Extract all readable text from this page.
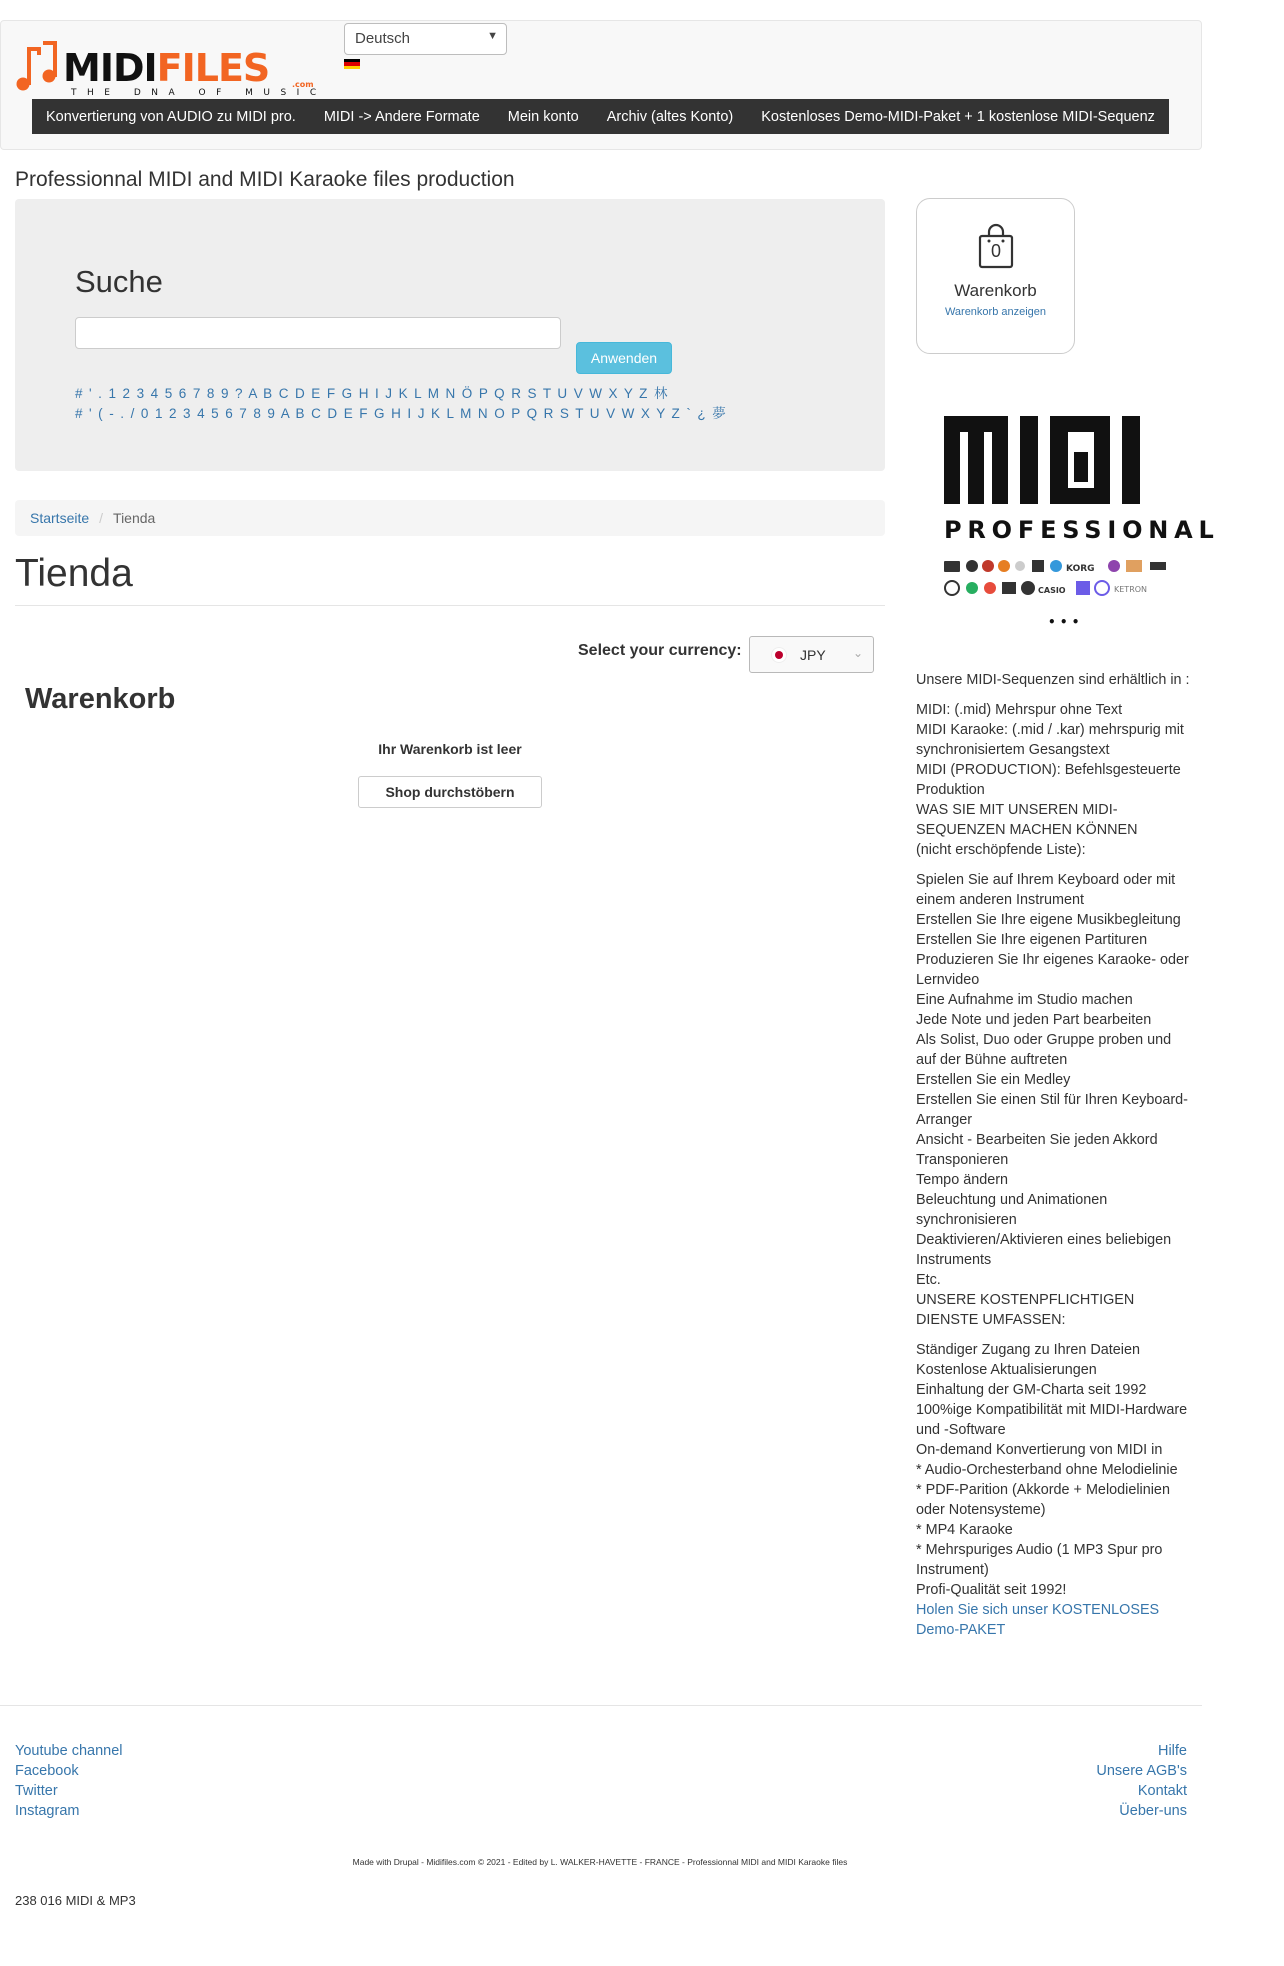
MIDIFILES	.com
THE DNA OF MUSIC
Deutsch	▼
Konvertierung von AUDIO zu MIDI pro.	MIDI -> Andere Formate	Mein konto	Archiv (altes Konto)	Kostenloses Demo-MIDI-Paket + 1 kostenlose MIDI-Sequenz
Professionnal MIDI and MIDI Karaoke files production
Suche
Anwenden
# ' . 1 2 3 4 5 6 7 8 9 ? A B C D E F G H I J K L M N Ö P Q R S T U V W X Y Z 林
# ' ( - . / 0 1 2 3 4 5 6 7 8 9 A B C D E F G H I J K L M N O P Q R S T U V W X Y Z ` ¿ 夢
Startseite / Tienda
Tienda
Select your currency:	JPY ⌄
Warenkorb
Ihr Warenkorb ist leer
Shop durchstöbern
0
Warenkorb
Warenkorb anzeigen
PROFESSIONAL
KORG
CASIO	KETRON
• • •

Unsere MIDI-Sequenzen sind erhältlich in :

MIDI: (.mid) Mehrspur ohne Text
MIDI Karaoke: (.mid / .kar) mehrspurig mit synchronisiertem Gesangstext
MIDI (PRODUCTION): Befehlsgesteuerte Produktion
WAS SIE MIT UNSEREN MIDI-SEQUENZEN MACHEN KÖNNEN
(nicht erschöpfende Liste):

Spielen Sie auf Ihrem Keyboard oder mit einem anderen Instrument
Erstellen Sie Ihre eigene Musikbegleitung
Erstellen Sie Ihre eigenen Partituren
Produzieren Sie Ihr eigenes Karaoke- oder Lernvideo
Eine Aufnahme im Studio machen
Jede Note und jeden Part bearbeiten
Als Solist, Duo oder Gruppe proben und auf der Bühne auftreten
Erstellen Sie ein Medley
Erstellen Sie einen Stil für Ihren Keyboard-Arranger
Ansicht - Bearbeiten Sie jeden Akkord
Transponieren
Tempo ändern
Beleuchtung und Animationen synchronisieren
Deaktivieren/Aktivieren eines beliebigen Instruments
Etc.
UNSERE KOSTENPFLICHTIGEN DIENSTE UMFASSEN:

Ständiger Zugang zu Ihren Dateien
Kostenlose Aktualisierungen
Einhaltung der GM-Charta seit 1992
100%ige Kompatibilität mit MIDI-Hardware und -Software
On-demand Konvertierung von MIDI in
* Audio-Orchesterband ohne Melodielinie
* PDF-Parition (Akkorde + Melodielinien oder Notensysteme)
* MP4 Karaoke
* Mehrspuriges Audio (1 MP3 Spur pro Instrument)
Profi-Qualität seit 1992!
Holen Sie sich unser KOSTENLOSES Demo-PAKET

Youtube channel
Facebook
Twitter
Instagram
Hilfe
Unsere AGB's
Kontakt
Üeber-uns
Made with Drupal - Midifiles.com © 2021 - Edited by L. WALKER-HAVETTE - FRANCE - Professionnal MIDI and MIDI Karaoke files
238 016 MIDI & MP3
